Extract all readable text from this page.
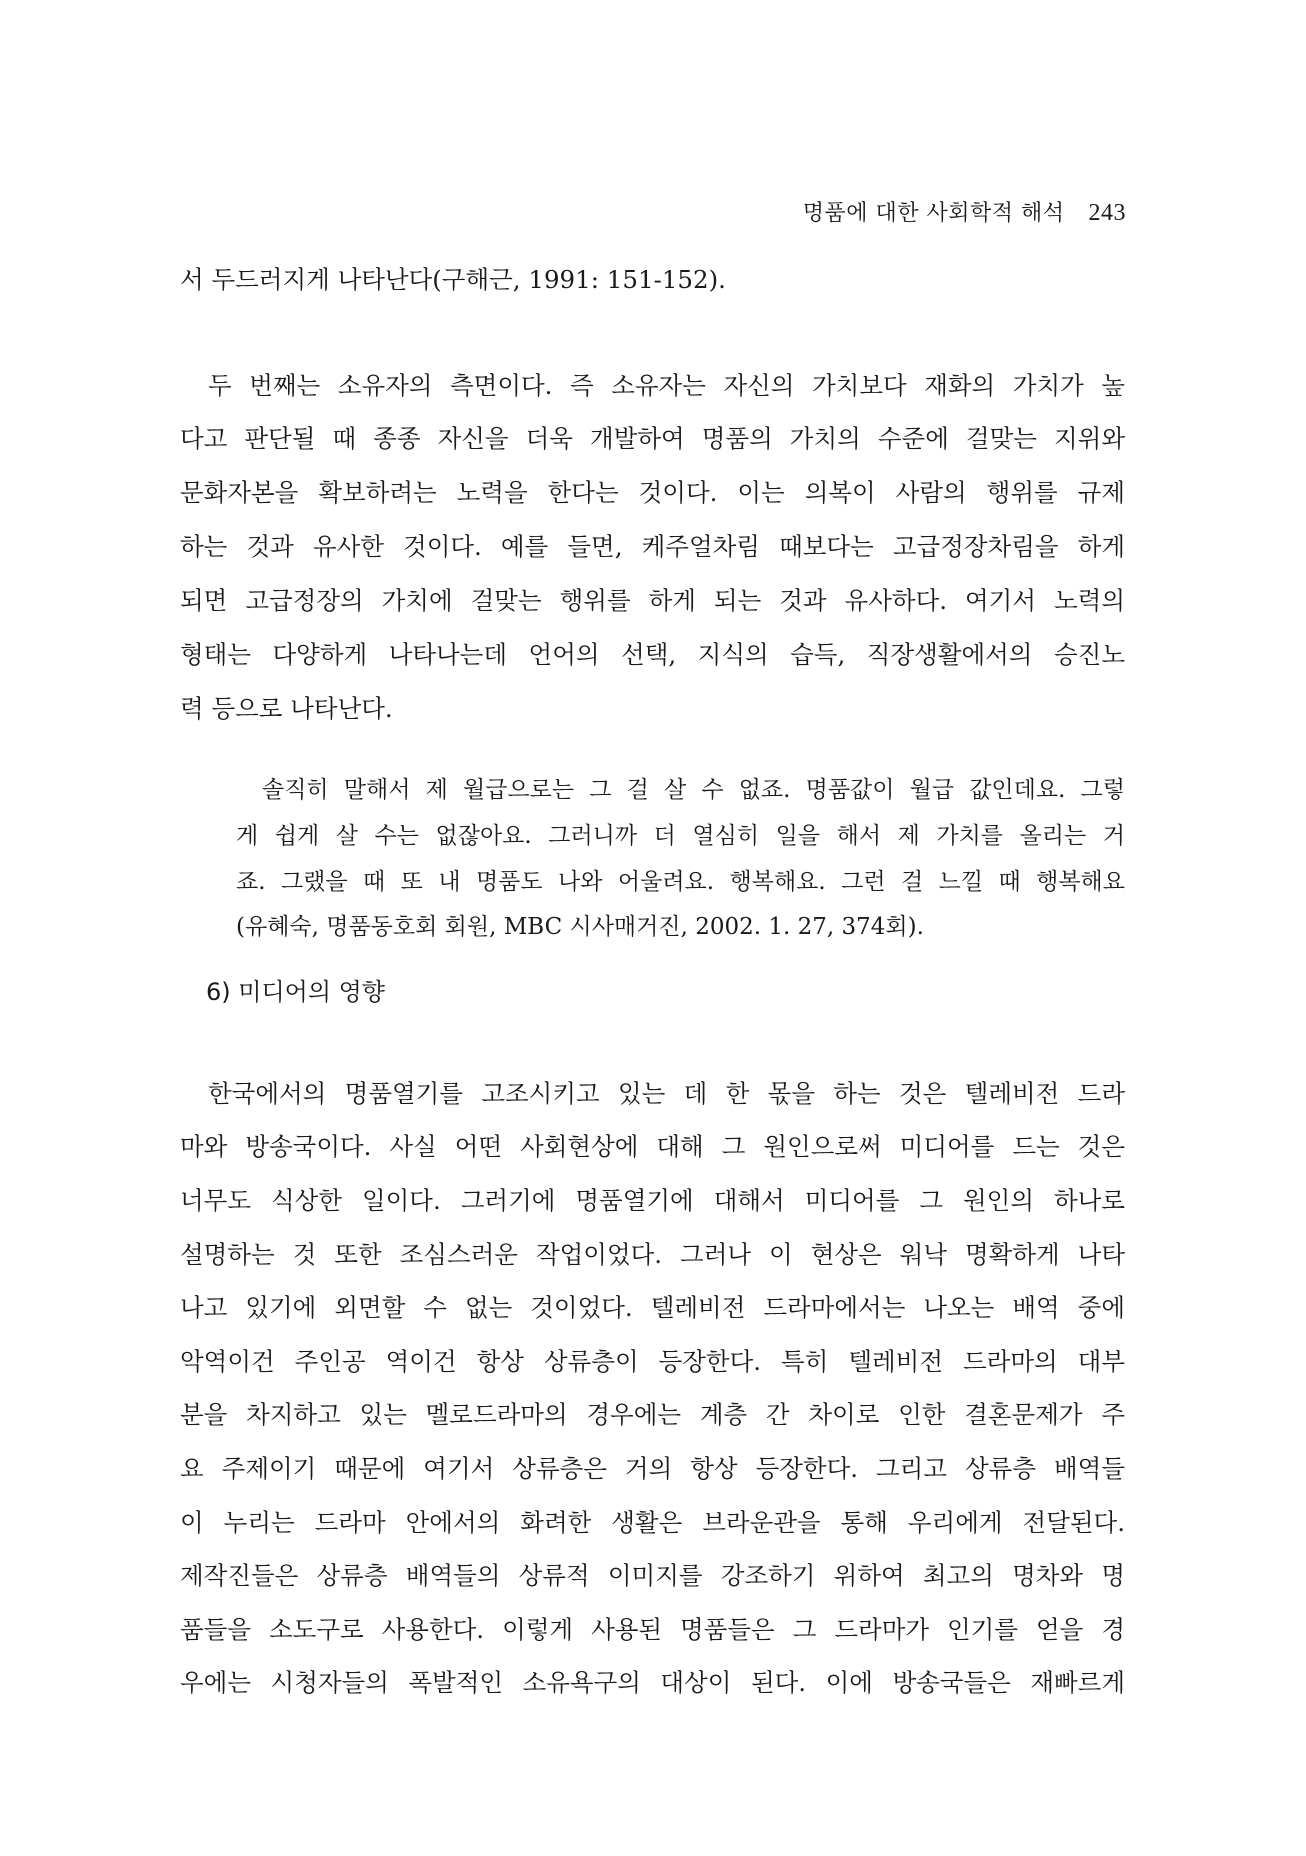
명품에 대한 사회학적 해석 243
서 두드러지게 나타난다(구해근, 1991: 151-152).
두 번째는 소유자의 측면이다. 즉 소유자는 자신의 가치보다 재화의 가치가 높
다고 판단될 때 종종 자신을 더욱 개발하여 명품의 가치의 수준에 걸맞는 지위와
문화자본을 확보하려는 노력을 한다는 것이다. 이는 의복이 사람의 행위를 규제
하는 것과 유사한 것이다. 예를 들면, 케주얼차림 때보다는 고급정장차림을 하게
되면 고급정장의 가치에 걸맞는 행위를 하게 되는 것과 유사하다. 여기서 노력의
형태는 다양하게 나타나는데 언어의 선택, 지식의 습득, 직장생활에서의 승진노
력 등으로 나타난다.
솔직히 말해서 제 월급으로는 그 걸 살 수 없죠. 명품값이 월급 값인데요. 그렇
게 쉽게 살 수는 없잖아요. 그러니까 더 열심히 일을 해서 제 가치를 올리는 거
죠. 그랬을 때 또 내 명품도 나와 어울려요. 행복해요. 그런 걸 느낄 때 행복해요
(유혜숙, 명품동호회 회원, MBC 시사매거진, 2002. 1. 27, 374회).
6) 미디어의 영향
한국에서의 명품열기를 고조시키고 있는 데 한 몫을 하는 것은 텔레비전 드라
마와 방송국이다. 사실 어떤 사회현상에 대해 그 원인으로써 미디어를 드는 것은
너무도 식상한 일이다. 그러기에 명품열기에 대해서 미디어를 그 원인의 하나로
설명하는 것 또한 조심스러운 작업이었다. 그러나 이 현상은 워낙 명확하게 나타
나고 있기에 외면할 수 없는 것이었다. 텔레비전 드라마에서는 나오는 배역 중에
악역이건 주인공 역이건 항상 상류층이 등장한다. 특히 텔레비전 드라마의 대부
분을 차지하고 있는 멜로드라마의 경우에는 계층 간 차이로 인한 결혼문제가 주
요 주제이기 때문에 여기서 상류층은 거의 항상 등장한다. 그리고 상류층 배역들
이 누리는 드라마 안에서의 화려한 생활은 브라운관을 통해 우리에게 전달된다.
제작진들은 상류층 배역들의 상류적 이미지를 강조하기 위하여 최고의 명차와 명
품들을 소도구로 사용한다. 이렇게 사용된 명품들은 그 드라마가 인기를 얻을 경
우에는 시청자들의 폭발적인 소유욕구의 대상이 된다. 이에 방송국들은 재빠르게
